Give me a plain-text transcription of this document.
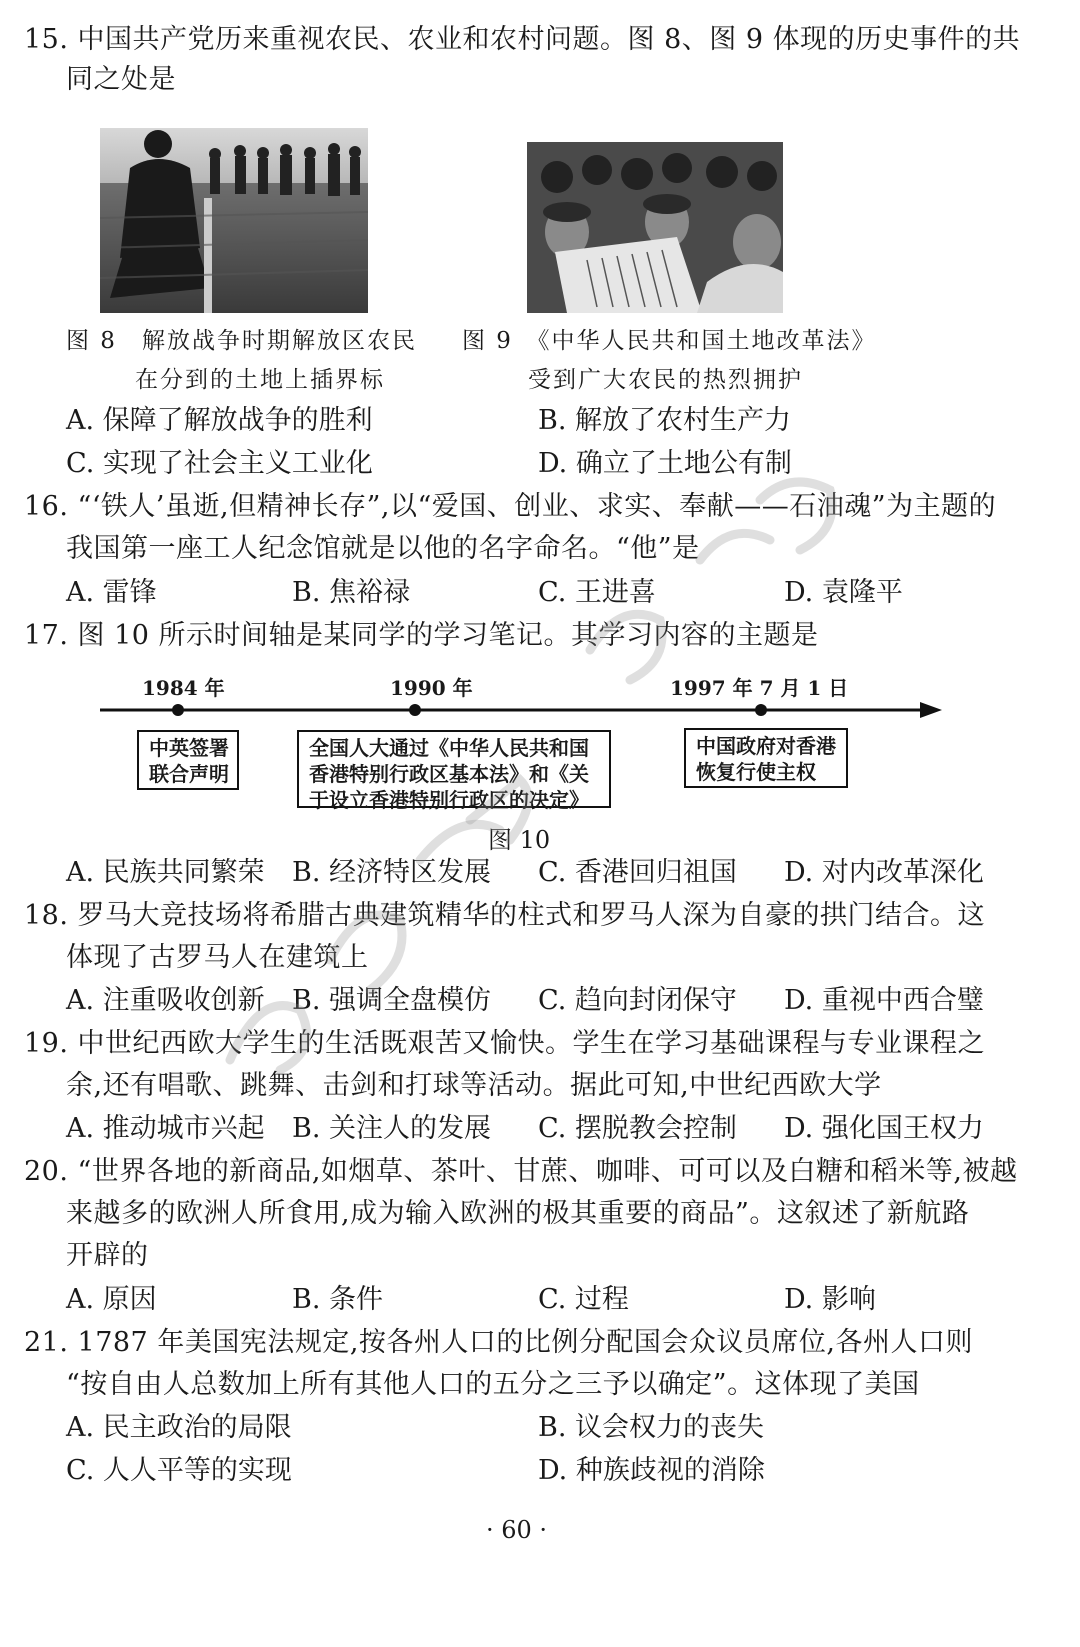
15. 中国共产党历来重视农民、农业和农村问题。图 8、图 9 体现的历史事件的共
同之处是
图 8　解放战争时期解放区农民
在分到的土地上插界标
图 9　《中华人民共和国土地改革法》
受到广大农民的热烈拥护
A. 保障了解放战争的胜利	B. 解放了农村生产力
C. 实现了社会主义工业化	D. 确立了土地公有制
16. “‘铁人’虽逝,但精神长存”,以“爱国、创业、求实、奉献——石油魂”为主题的
我国第一座工人纪念馆就是以他的名字命名。“他”是
A. 雷锋	B. 焦裕禄	C. 王进喜	D. 袁隆平
17. 图 10 所示时间轴是某同学的学习笔记。其学习内容的主题是
1984 年	1990 年	1997 年 7 月 1 日
中英签署
联合声明
全国人大通过《中华人民共和国
香港特别行政区基本法》和《关
于设立香港特别行政区的决定》
中国政府对香港
恢复行使主权
图 10
A. 民族共同繁荣 B. 经济特区发展 C. 香港回归祖国 D. 对内改革深化
18. 罗马大竞技场将希腊古典建筑精华的柱式和罗马人深为自豪的拱门结合。这
体现了古罗马人在建筑上
A. 注重吸收创新 B. 强调全盘模仿 C. 趋向封闭保守 D. 重视中西合璧
19. 中世纪西欧大学生的生活既艰苦又愉快。学生在学习基础课程与专业课程之
余,还有唱歌、跳舞、击剑和打球等活动。据此可知,中世纪西欧大学
A. 推动城市兴起 B. 关注人的发展 C. 摆脱教会控制 D. 强化国王权力
20. “世界各地的新商品,如烟草、茶叶、甘蔗、咖啡、可可以及白糖和稻米等,被越
来越多的欧洲人所食用,成为输入欧洲的极其重要的商品”。这叙述了新航路
开辟的
A. 原因	B. 条件	C. 过程	D. 影响
21. 1787 年美国宪法规定,按各州人口的比例分配国会众议员席位,各州人口则
“按自由人总数加上所有其他人口的五分之三予以确定”。这体现了美国
A. 民主政治的局限	B. 议会权力的丧失
C. 人人平等的实现	D. 种族歧视的消除
· 60 ·
